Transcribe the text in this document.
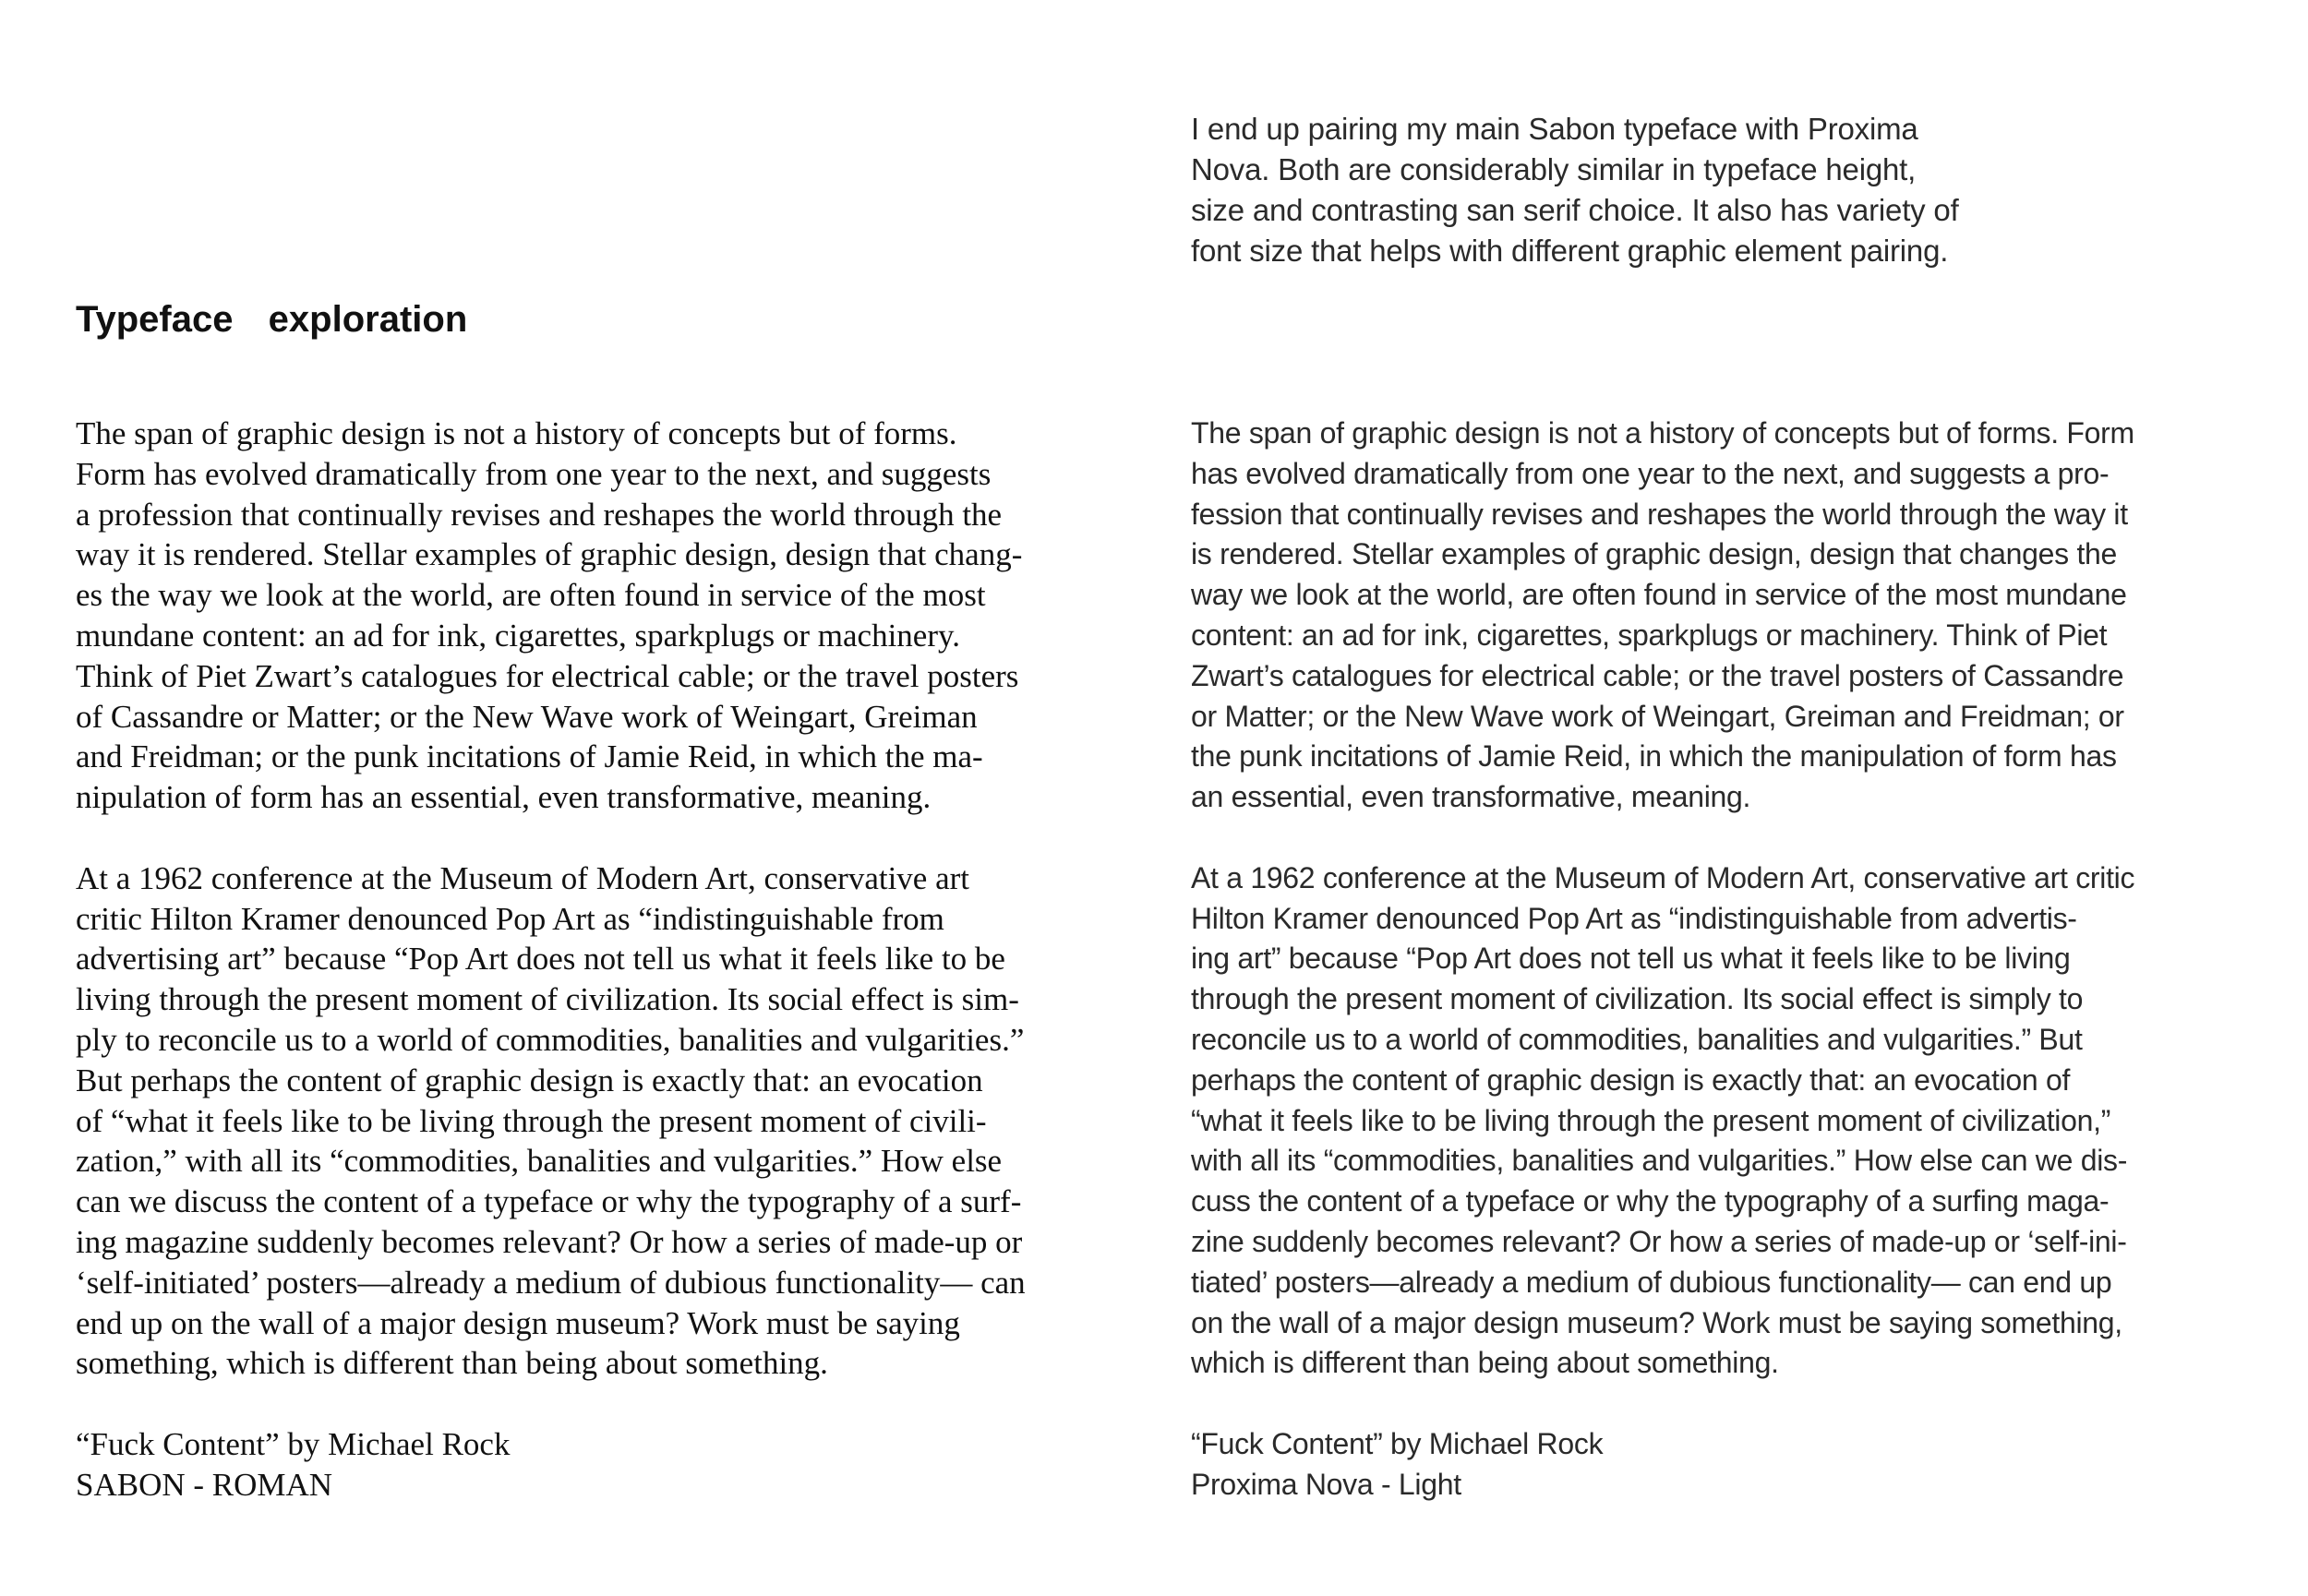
I end up pairing my main Sabon typeface with Proxima
Nova. Both are considerably similar in typeface height,
size and contrasting san serif choice. It also has variety of
font size that helps with different graphic element pairing.
Typeface  exploration
The span of graphic design is not a history of concepts but of forms.
Form has evolved dramatically from one year to the next, and suggests
a profession that continually revises and reshapes the world through the
way it is rendered. Stellar examples of graphic design, design that chang-
es the way we look at the world, are often found in service of the most
mundane content: an ad for ink, cigarettes, sparkplugs or machinery.
Think of Piet Zwart’s catalogues for electrical cable; or the travel posters
of Cassandre or Matter; or the New Wave work of Weingart, Greiman
and Freidman; or the punk incitations of Jamie Reid, in which the ma-
nipulation of form has an essential, even transformative, meaning.
At a 1962 conference at the Museum of Modern Art, conservative art
critic Hilton Kramer denounced Pop Art as “indistinguishable from
advertising art” because “Pop Art does not tell us what it feels like to be
living through the present moment of civilization. Its social effect is sim-
ply to reconcile us to a world of commodities, banalities and vulgarities.”
But perhaps the content of graphic design is exactly that: an evocation
of “what it feels like to be living through the present moment of civili-
zation,” with all its “commodities, banalities and vulgarities.” How else
can we discuss the content of a typeface or why the typography of a surf-
ing magazine suddenly becomes relevant? Or how a series of made-up or
‘self-initiated’ posters—already a medium of dubious functionality— can
end up on the wall of a major design museum? Work must be saying
something, which is different than being about something.
“Fuck Content” by Michael Rock
SABON - ROMAN
The span of graphic design is not a history of concepts but of forms. Form
has evolved dramatically from one year to the next, and suggests a pro-
fession that continually revises and reshapes the world through the way it
is rendered. Stellar examples of graphic design, design that changes the
way we look at the world, are often found in service of the most mundane
content: an ad for ink, cigarettes, sparkplugs or machinery. Think of Piet
Zwart’s catalogues for electrical cable; or the travel posters of Cassandre
or Matter; or the New Wave work of Weingart, Greiman and Freidman; or
the punk incitations of Jamie Reid, in which the manipulation of form has
an essential, even transformative, meaning.
At a 1962 conference at the Museum of Modern Art, conservative art critic
Hilton Kramer denounced Pop Art as “indistinguishable from advertis-
ing art” because “Pop Art does not tell us what it feels like to be living
through the present moment of civilization. Its social effect is simply to
reconcile us to a world of commodities, banalities and vulgarities.” But
perhaps the content of graphic design is exactly that: an evocation of
“what it feels like to be living through the present moment of civilization,”
with all its “commodities, banalities and vulgarities.” How else can we dis-
cuss the content of a typeface or why the typography of a surfing maga-
zine suddenly becomes relevant? Or how a series of made-up or ‘self-ini-
tiated’ posters—already a medium of dubious functionality— can end up
on the wall of a major design museum? Work must be saying something,
which is different than being about something.
“Fuck Content” by Michael Rock
Proxima Nova - Light
